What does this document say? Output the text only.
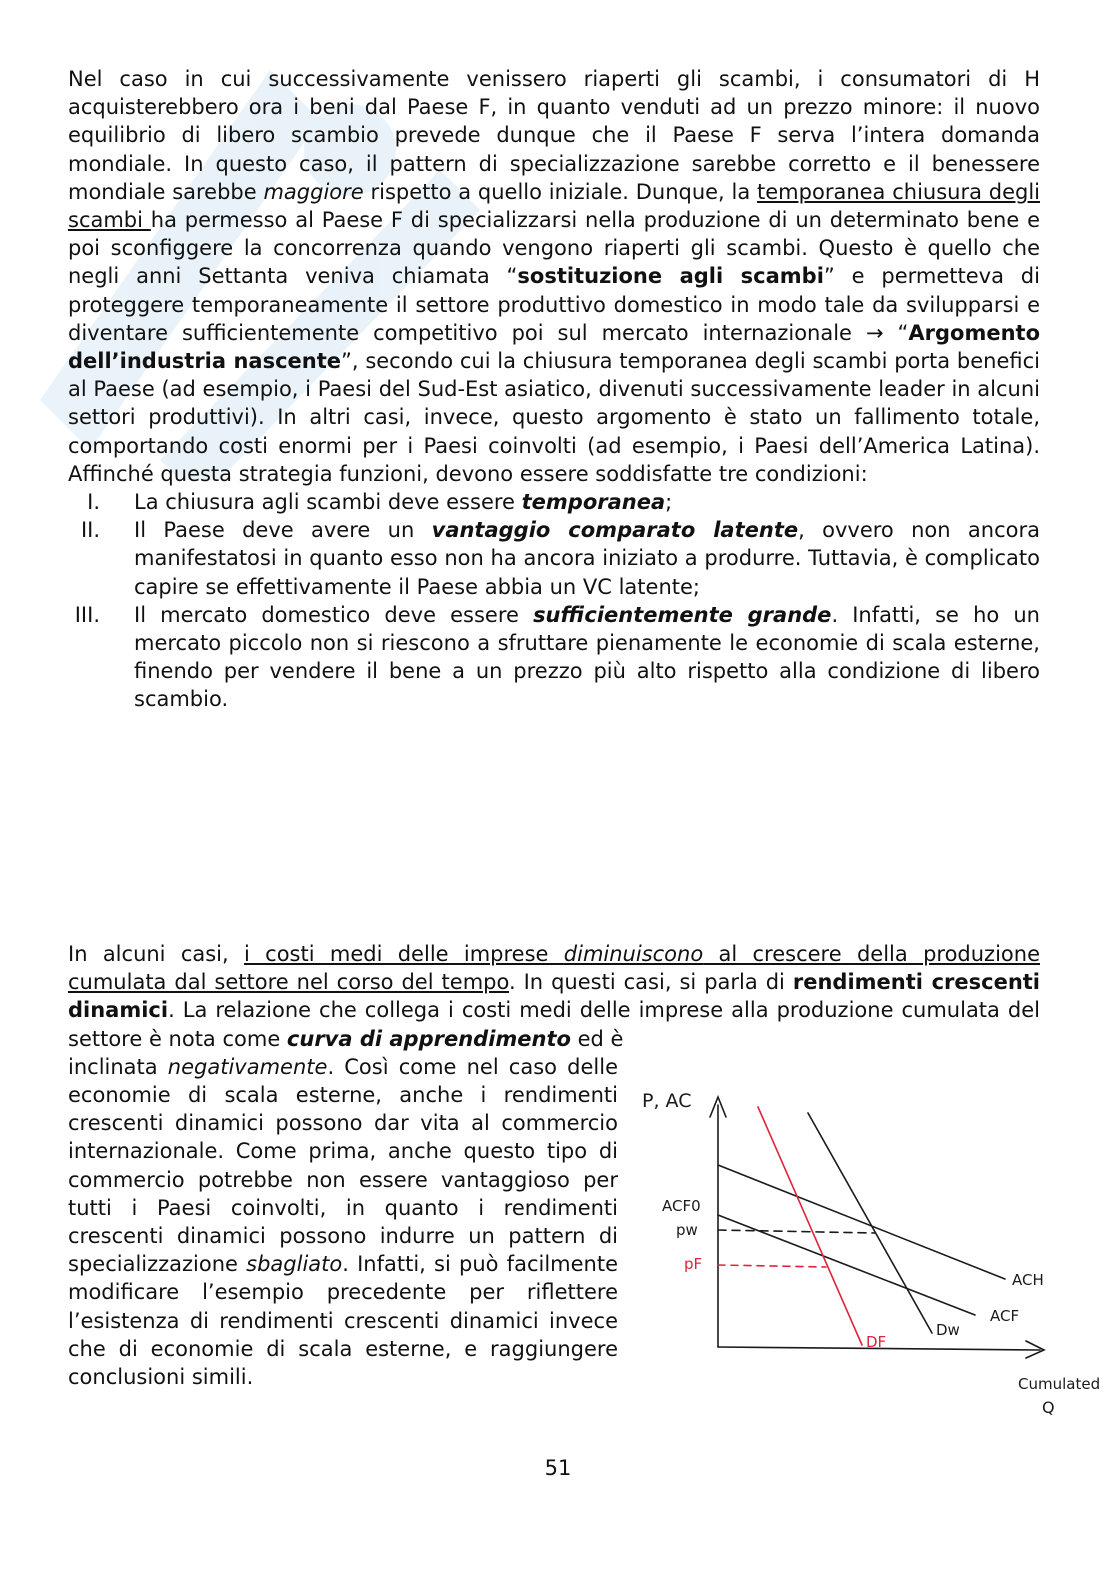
Nel caso in cui successivamente venissero riaperti gli scambi, i consumatori di H acquisterebbero ora i beni dal Paese F, in quanto venduti ad un prezzo minore: il nuovo equilibrio di libero scambio prevede dunque che il Paese F serva l’intera domanda mondiale. In questo caso, il pattern di specializzazione sarebbe corretto e il benessere mondiale sarebbe maggiore rispetto a quello iniziale. Dunque, la temporanea chiusura degli scambi ha permesso al Paese F di specializzarsi nella produzione di un determinato bene e poi sconfiggere la concorrenza quando vengono riaperti gli scambi. Questo è quello che negli anni Settanta veniva chiamata “sostituzione agli scambi” e permetteva di proteggere temporaneamente il settore produttivo domestico in modo tale da svilupparsi e diventare sufficientemente competitivo poi sul mercato internazionale → “Argomento dell’industria nascente”, secondo cui la chiusura temporanea degli scambi porta benefici al Paese (ad esempio, i Paesi del Sud-Est asiatico, divenuti successivamente leader in alcuni settori produttivi). In altri casi, invece, questo argomento è stato un fallimento totale, comportando costi enormi per i Paesi coinvolti (ad esempio, i Paesi dell’America Latina). Affinché questa strategia funzioni, devono essere soddisfatte tre condizioni:

I. La chiusura agli scambi deve essere temporanea;
II. Il Paese deve avere un vantaggio comparato latente, ovvero non ancora manifestatosi in quanto esso non ha ancora iniziato a produrre. Tuttavia, è complicato capire se effettivamente il Paese abbia un VC latente;
III. Il mercato domestico deve essere sufficientemente grande. Infatti, se ho un mercato piccolo non si riescono a sfruttare pienamente le economie di scala esterne, finendo per vendere il bene a un prezzo più alto rispetto alla condizione di libero scambio.

In alcuni casi, i costi medi delle imprese diminuiscono al crescere della produzione cumulata dal settore nel corso del tempo. In questi casi, si parla di rendimenti crescenti dinamici. La relazione che collega i costi medi delle imprese alla produzione cumulata del settore è nota come curva di apprendimento ed è

inclinata negativamente. Così come nel caso delle economie di scala esterne, anche i rendimenti crescenti dinamici possono dar vita al commercio internazionale. Come prima, anche questo tipo di commercio potrebbe non essere vantaggioso per tutti i Paesi coinvolti, in quanto i rendimenti crescenti dinamici possono indurre un pattern di specializzazione sbagliato. Infatti, si può facilmente modificare l’esempio precedente per riflettere l’esistenza di rendimenti crescenti dinamici invece che di economie di scala esterne, e raggiungere conclusioni simili.

P, AC
ACF0
pw
pF
ACH
ACF
Dw
DF
Cumulated
Q
51
